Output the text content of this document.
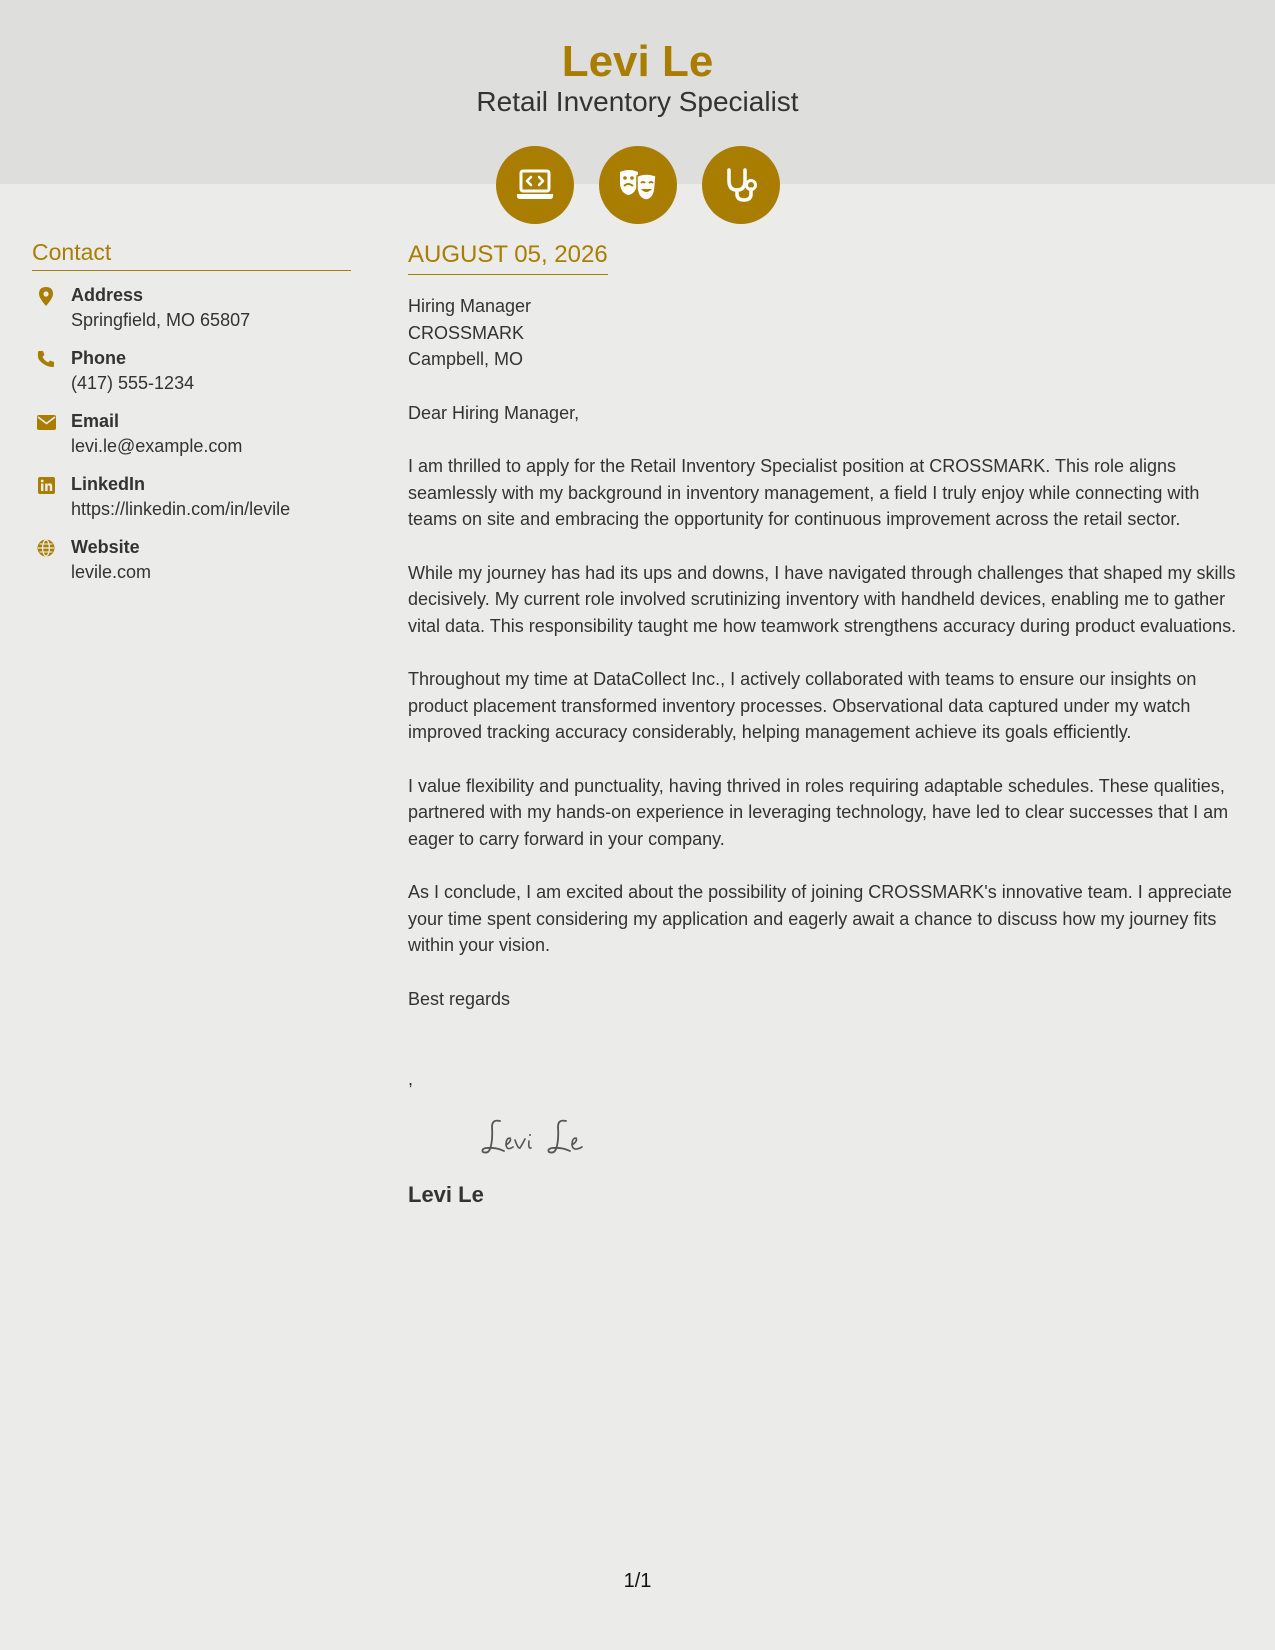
Levi Le
Retail Inventory Specialist
Contact
Address
Springfield, MO 65807
Phone
(417) 555-1234
Email
levi.le@example.com
LinkedIn
https://linkedin.com/in/levile
Website
levile.com
AUGUST 05, 2026
Hiring Manager
CROSSMARK
Campbell, MO
Dear Hiring Manager,

I am thrilled to apply for the Retail Inventory Specialist position at CROSSMARK. This role aligns seamlessly with my background in inventory management, a field I truly enjoy while connecting with teams on site and embracing the opportunity for continuous improvement across the retail sector.

While my journey has had its ups and downs, I have navigated through challenges that shaped my skills decisively. My current role involved scrutinizing inventory with handheld devices, enabling me to gather vital data. This responsibility taught me how teamwork strengthens accuracy during product evaluations.

Throughout my time at DataCollect Inc., I actively collaborated with teams to ensure our insights on product placement transformed inventory processes. Observational data captured under my watch improved tracking accuracy considerably, helping management achieve its goals efficiently.

I value flexibility and punctuality, having thrived in roles requiring adaptable schedules. These qualities, partnered with my hands-on experience in leveraging technology, have led to clear successes that I am eager to carry forward in your company.

As I conclude, I am excited about the possibility of joining CROSSMARK's innovative team. I appreciate your time spent considering my application and eagerly await a chance to discuss how my journey fits within your vision.

Best regards
,
Levi Le
1/1
